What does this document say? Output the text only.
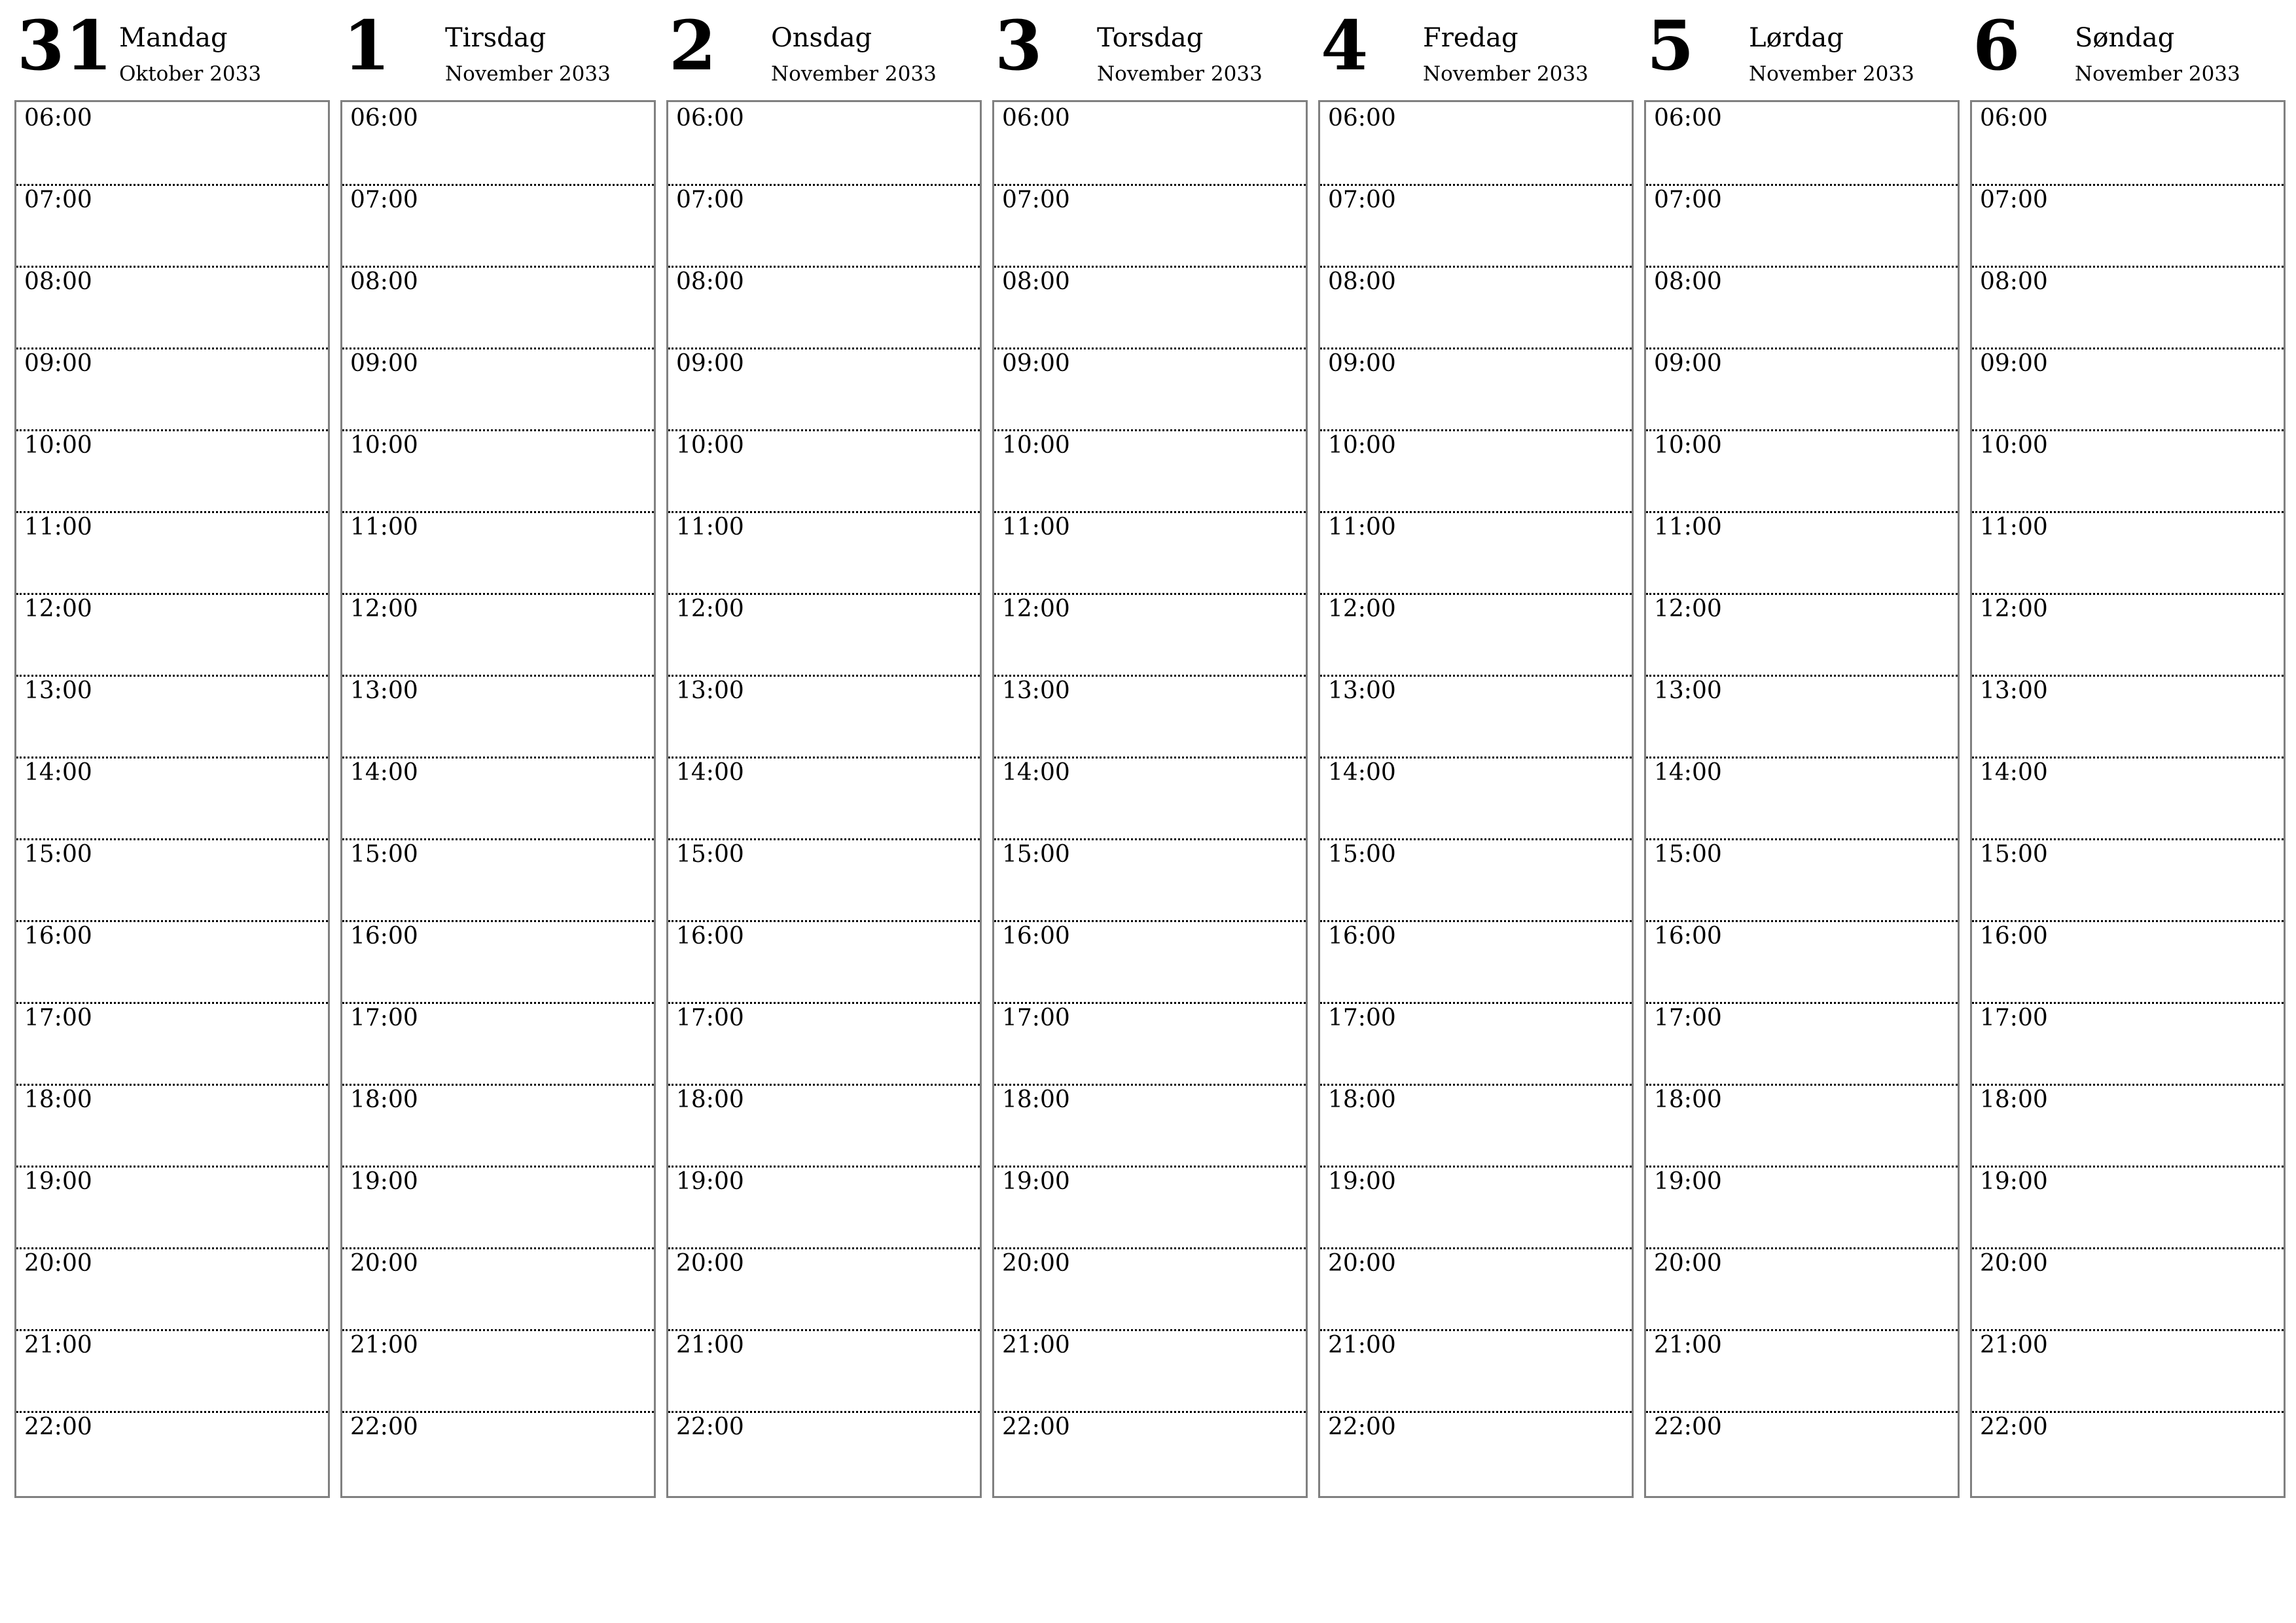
31 Mandag
Oktober 2033
06:00
07:00
08:00
09:00
10:00
11:00
12:00
13:00
14:00
15:00
16:00
17:00
18:00
19:00
20:00
21:00
22:00
1 Tirsdag
November 2033
06:00
07:00
08:00
09:00
10:00
11:00
12:00
13:00
14:00
15:00
16:00
17:00
18:00
19:00
20:00
21:00
22:00
2 Onsdag
November 2033
06:00
07:00
08:00
09:00
10:00
11:00
12:00
13:00
14:00
15:00
16:00
17:00
18:00
19:00
20:00
21:00
22:00
3 Torsdag
November 2033
06:00
07:00
08:00
09:00
10:00
11:00
12:00
13:00
14:00
15:00
16:00
17:00
18:00
19:00
20:00
21:00
22:00
4 Fredag
November 2033
06:00
07:00
08:00
09:00
10:00
11:00
12:00
13:00
14:00
15:00
16:00
17:00
18:00
19:00
20:00
21:00
22:00
5 Lørdag
November 2033
06:00
07:00
08:00
09:00
10:00
11:00
12:00
13:00
14:00
15:00
16:00
17:00
18:00
19:00
20:00
21:00
22:00
6 Søndag
November 2033
06:00
07:00
08:00
09:00
10:00
11:00
12:00
13:00
14:00
15:00
16:00
17:00
18:00
19:00
20:00
21:00
22:00
